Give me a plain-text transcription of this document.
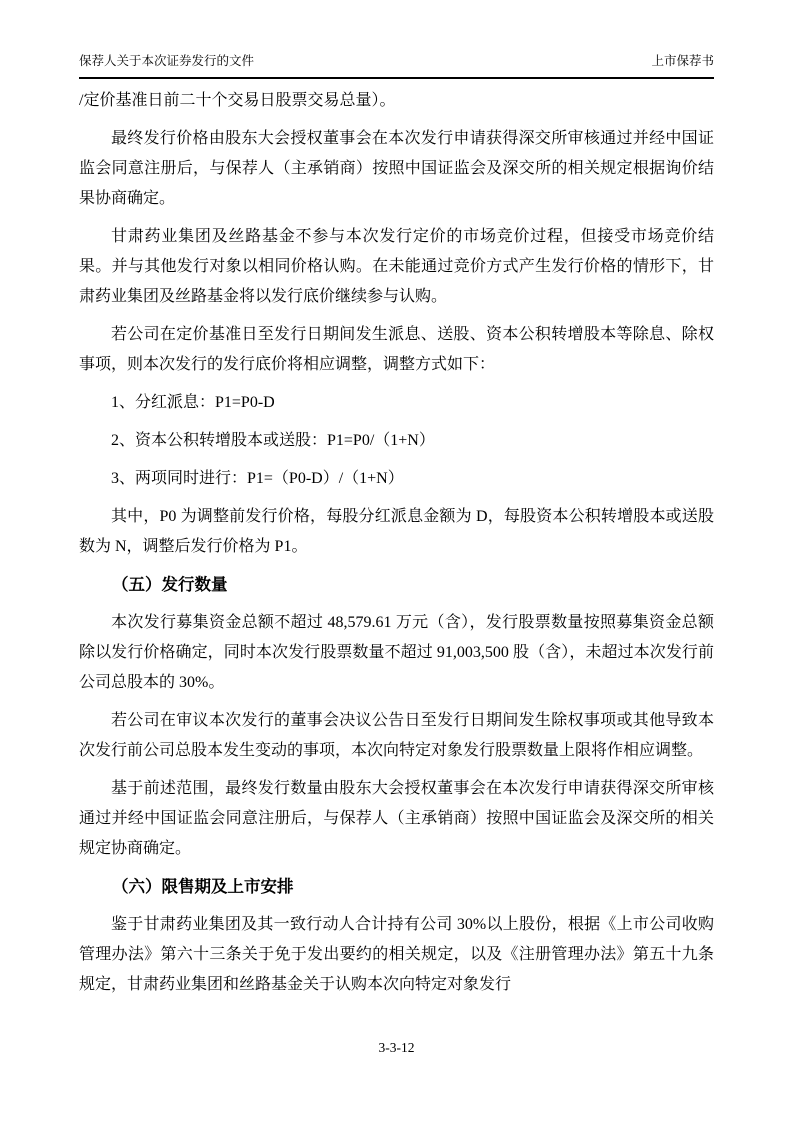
保荐人关于本次证券发行的文件	上市保荐书
/定价基准日前二十个交易日股票交易总量）。
最终发行价格由股东大会授权董事会在本次发行申请获得深交所审核通过并经中国证监会同意注册后，与保荐人（主承销商）按照中国证监会及深交所的相关规定根据询价结果协商确定。
甘肃药业集团及丝路基金不参与本次发行定价的市场竞价过程，但接受市场竞价结果。并与其他发行对象以相同价格认购。在未能通过竞价方式产生发行价格的情形下，甘肃药业集团及丝路基金将以发行底价继续参与认购。
若公司在定价基准日至发行日期间发生派息、送股、资本公积转增股本等除息、除权事项，则本次发行的发行底价将相应调整，调整方式如下：
1、分红派息：P1=P0-D
2、资本公积转增股本或送股：P1=P0/（1+N）
3、两项同时进行：P1=（P0-D）/（1+N）
其中，P0 为调整前发行价格，每股分红派息金额为 D，每股资本公积转增股本或送股数为 N，调整后发行价格为 P1。
（五）发行数量
本次发行募集资金总额不超过 48,579.61 万元（含），发行股票数量按照募集资金总额除以发行价格确定，同时本次发行股票数量不超过 91,003,500 股（含），未超过本次发行前公司总股本的 30%。
若公司在审议本次发行的董事会决议公告日至发行日期间发生除权事项或其他导致本次发行前公司总股本发生变动的事项，本次向特定对象发行股票数量上限将作相应调整。
基于前述范围，最终发行数量由股东大会授权董事会在本次发行申请获得深交所审核通过并经中国证监会同意注册后，与保荐人（主承销商）按照中国证监会及深交所的相关规定协商确定。
（六）限售期及上市安排
鉴于甘肃药业集团及其一致行动人合计持有公司 30%以上股份，根据《上市公司收购管理办法》第六十三条关于免于发出要约的相关规定，以及《注册管理办法》第五十九条规定，甘肃药业集团和丝路基金关于认购本次向特定对象发行
3-3-12
